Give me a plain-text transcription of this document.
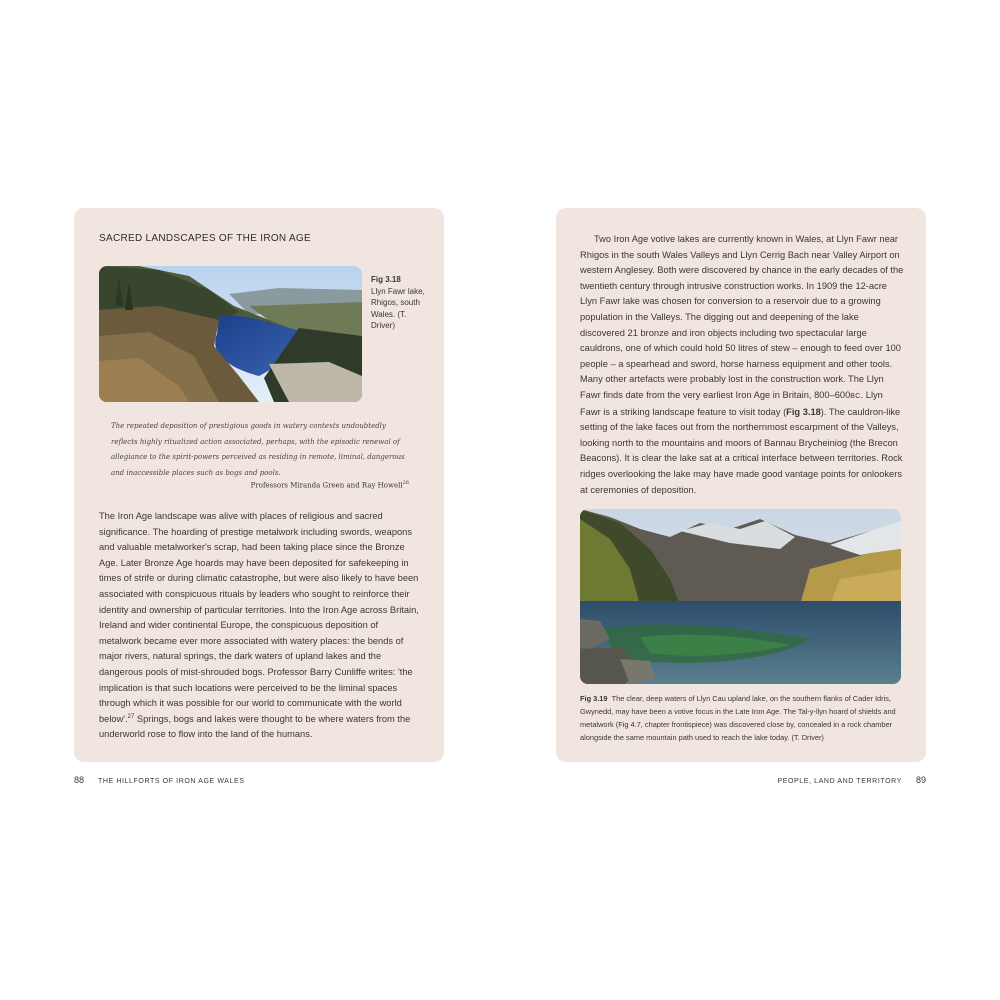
SACRED LANDSCAPES OF THE IRON AGE
Fig 3.18
Llyn Fawr lake, Rhigos, south Wales. (T. Driver)
The repeated deposition of prestigious goods in watery contexts undoubtedly reflects highly ritualized action associated, perhaps, with the episodic renewal of allegiance to the spirit-powers perceived as residing in remote, liminal, dangerous and inaccessible places such as bogs and pools.
Professors Miranda Green and Ray Howell$^{26}$
The Iron Age landscape was alive with places of religious and sacred significance. The hoarding of prestige metalwork including swords, weapons and valuable metalworker's scrap, had been taking place since the Bronze Age. Later Bronze Age hoards may have been deposited for safekeeping in times of strife or during climatic catastrophe, but were also likely to have been associated with conspicuous rituals by leaders who sought to reinforce their identity and ownership of particular territories. Into the Iron Age across Britain, Ireland and wider continental Europe, the conspicuous deposition of metalwork became ever more associated with watery places: the bends of major rivers, natural springs, the dark waters of upland lakes and the dangerous pools of mist-shrouded bogs. Professor Barry Cunliffe writes: 'the implication is that such locations were perceived to be the liminal spaces through which it was possible for our world to communicate with the world below'.$^{27}$ Springs, bogs and lakes were thought to be where waters from the underworld rose to flow into the land of the humans.
Two Iron Age votive lakes are currently known in Wales, at Llyn Fawr near Rhigos in the south Wales Valleys and Llyn Cerrig Bach near Valley Airport on western Anglesey. Both were discovered by chance in the early decades of the twentieth century through intrusive construction works. In 1909 the 12-acre Llyn Fawr lake was chosen for conversion to a reservoir due to a growing population in the Valleys. The digging out and deepening of the lake discovered 21 bronze and iron objects including two spectacular large cauldrons, one of which could hold 50 litres of stew – enough to feed over 100 people – a spearhead and sword, horse harness equipment and other tools. Many other artefacts were probably lost in the construction work. The Llyn Fawr finds date from the very earliest Iron Age in Britain, 800–600BC. Llyn Fawr is a striking landscape feature to visit today (Fig 3.18). The cauldron-like setting of the lake faces out from the northernmost escarpment of the Valleys, looking north to the mountains and moors of Bannau Brycheiniog (the Brecon Beacons). It is clear the lake sat at a critical interface between territories. Rock ridges overlooking the lake may have made good vantage points for onlookers at ceremonies of deposition.
Fig 3.19 The clear, deep waters of Llyn Cau upland lake, on the southern flanks of Cader Idris, Gwynedd, may have been a votive focus in the Late Iron Age. The Tal-y-llyn hoard of shields and metalwork (Fig 4.7, chapter frontispiece) was discovered close by, concealed in a rock chamber alongside the same mountain path used to reach the lake today. (T. Driver)
88 THE HILLFORTS OF IRON AGE WALES	PEOPLE, LAND AND TERRITORY 89
